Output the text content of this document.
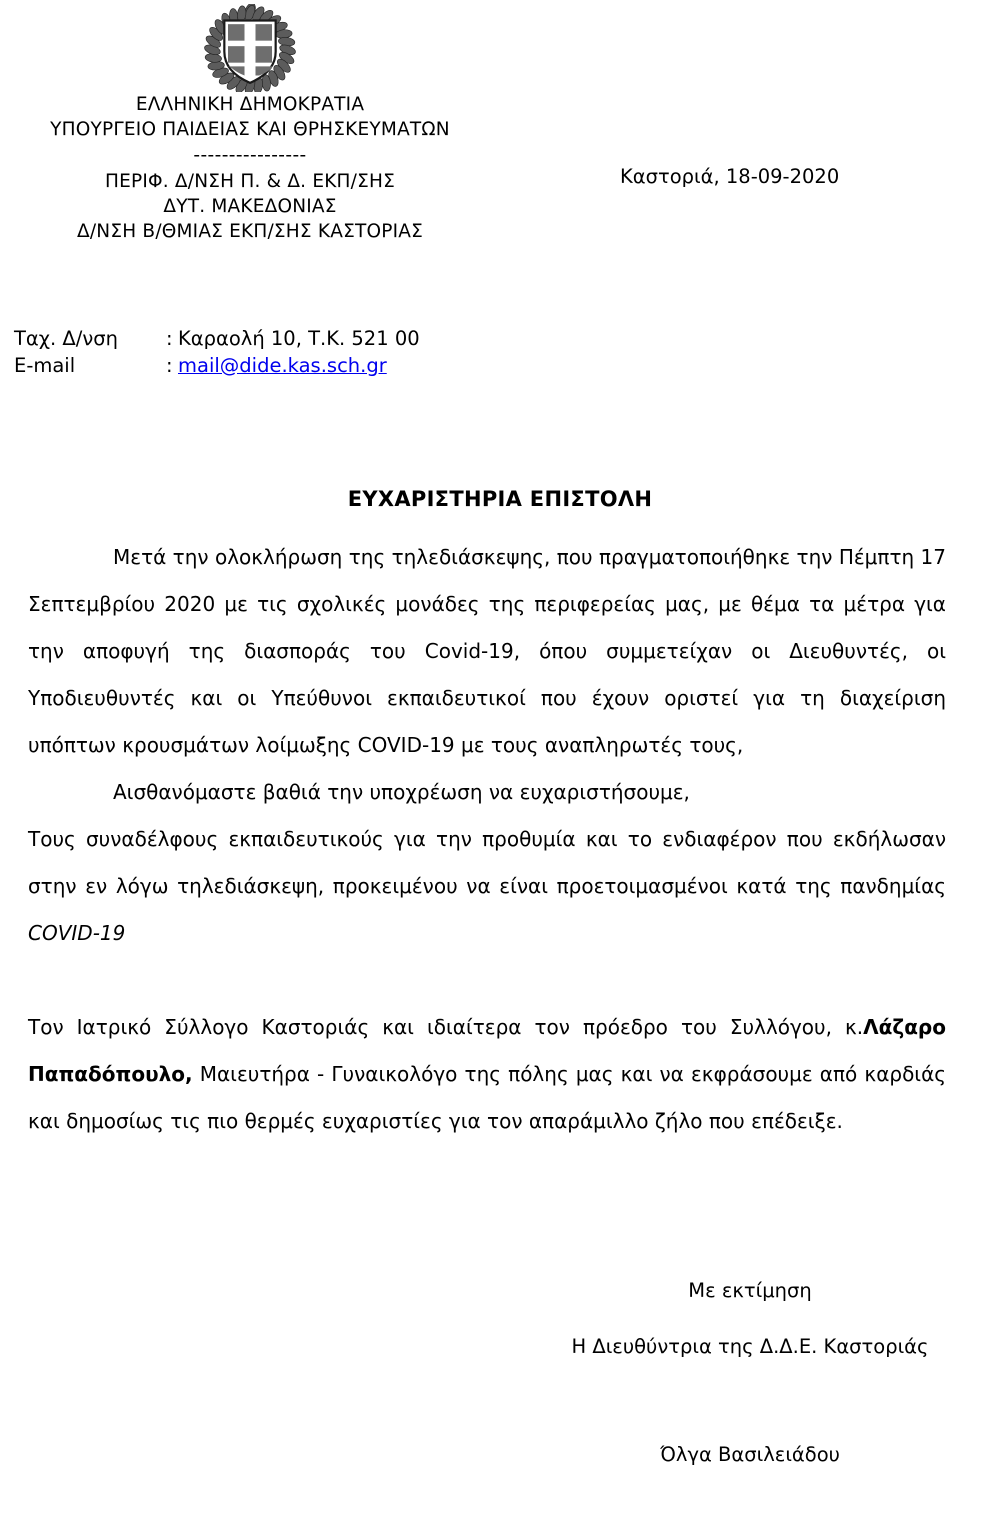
ΕΛΛΗΝΙΚΗ ΔΗΜΟΚΡΑΤΙΑ
ΥΠΟΥΡΓΕΙΟ ΠΑΙΔΕΙΑΣ ΚΑΙ ΘΡΗΣΚΕΥΜΑΤΩΝ
----------------
ΠΕΡΙΦ. Δ/ΝΣΗ Π. & Δ. ΕΚΠ/ΣΗΣ
ΔΥΤ. ΜΑΚΕΔΟΝΙΑΣ
Δ/ΝΣΗ Β/ΘΜΙΑΣ ΕΚΠ/ΣΗΣ ΚΑΣΤΟΡΙΑΣ
Καστοριά, 18-09-2020
Ταχ. Δ/νση : Καραολή 10, Τ.Κ. 521 00
E-mail	: mail@dide.kas.sch.gr
ΕΥΧΑΡΙΣΤΗΡΙΑ ΕΠΙΣΤΟΛΗ

Μετά την ολοκλήρωση της τηλεδιάσκεψης, που πραγματοποιήθηκε την Πέμπτη 17 Σεπτεμβρίου 2020 με τις σχολικές μονάδες της περιφερείας μας, με θέμα τα μέτρα για την αποφυγή της διασποράς του Covid-19, όπου συμμετείχαν οι Διευθυντές, οι Υποδιευθυντές και οι Υπεύθυνοι εκπαιδευτικοί που έχουν οριστεί για τη διαχείριση υπόπτων κρουσμάτων λοίμωξης COVID-19 με τους αναπληρωτές τους,

Αισθανόμαστε βαθιά την υποχρέωση να ευχαριστήσουμε,

Τους συναδέλφους εκπαιδευτικούς για την προθυμία και το ενδιαφέρον που εκδήλωσαν στην εν λόγω τηλεδιάσκεψη, προκειμένου να είναι προετοιμασμένοι κατά της πανδημίας COVID-19

Τον Ιατρικό Σύλλογο Καστοριάς και ιδιαίτερα τον πρόεδρο του Συλλόγου, κ.Λάζαρο Παπαδόπουλο, Μαιευτήρα - Γυναικολόγο της πόλης μας και να εκφράσουμε από καρδιάς και δημοσίως τις πιο θερμές ευχαριστίες για τον απαράμιλλο ζήλο που επέδειξε.

Με εκτίμηση
Η Διευθύντρια της Δ.Δ.Ε. Καστοριάς
Όλγα Βασιλειάδου
